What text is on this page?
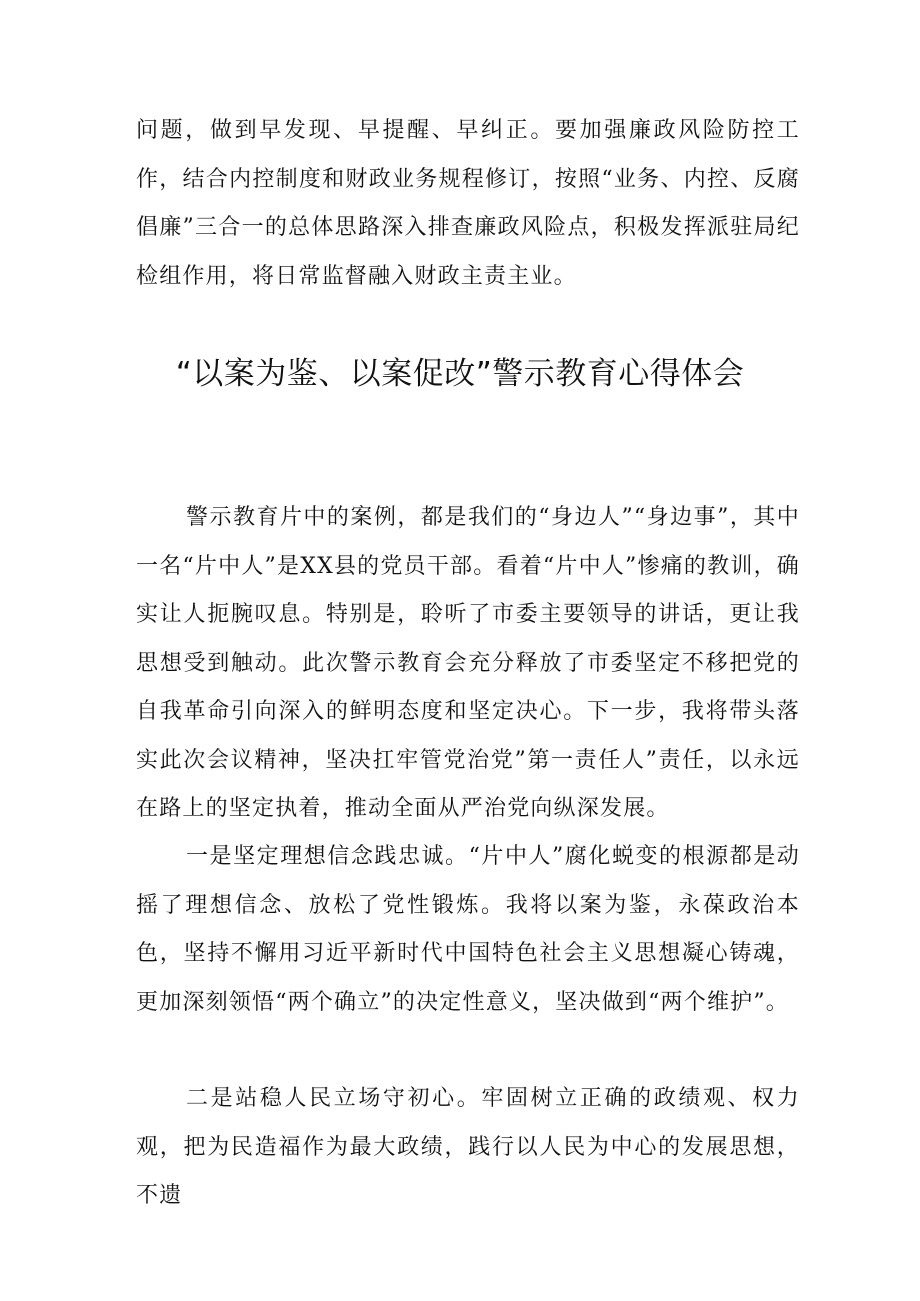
问题，做到早发现、早提醒、早纠正。要加强廉政风险防控工作，结合内控制度和财政业务规程修订，按照“业务、内控、反腐倡廉”三合一的总体思路深入排查廉政风险点，积极发挥派驻局纪检组作用，将日常监督融入财政主责主业。

“以案为鉴、以案促改”警示教育心得体会

警示教育片中的案例，都是我们的“身边人”“身边事”，其中一名“片中人”是XX县的党员干部。看着“片中人”惨痛的教训，确实让人扼腕叹息。特别是，聆听了市委主要领导的讲话，更让我思想受到触动。此次警示教育会充分释放了市委坚定不移把党的自我革命引向深入的鲜明态度和坚定决心。下一步，我将带头落实此次会议精神，坚决扛牢管党治党”第一责任人”责任，以永远在路上的坚定执着，推动全面从严治党向纵深发展。

一是坚定理想信念践忠诚。“片中人”腐化蜕变的根源都是动摇了理想信念、放松了党性锻炼。我将以案为鉴，永葆政治本色，坚持不懈用习近平新时代中国特色社会主义思想凝心铸魂，更加深刻领悟“两个确立”的决定性意义，坚决做到“两个维护”。

二是站稳人民立场守初心。牢固树立正确的政绩观、权力观，把为民造福作为最大政绩，践行以人民为中心的发展思想，不遗
